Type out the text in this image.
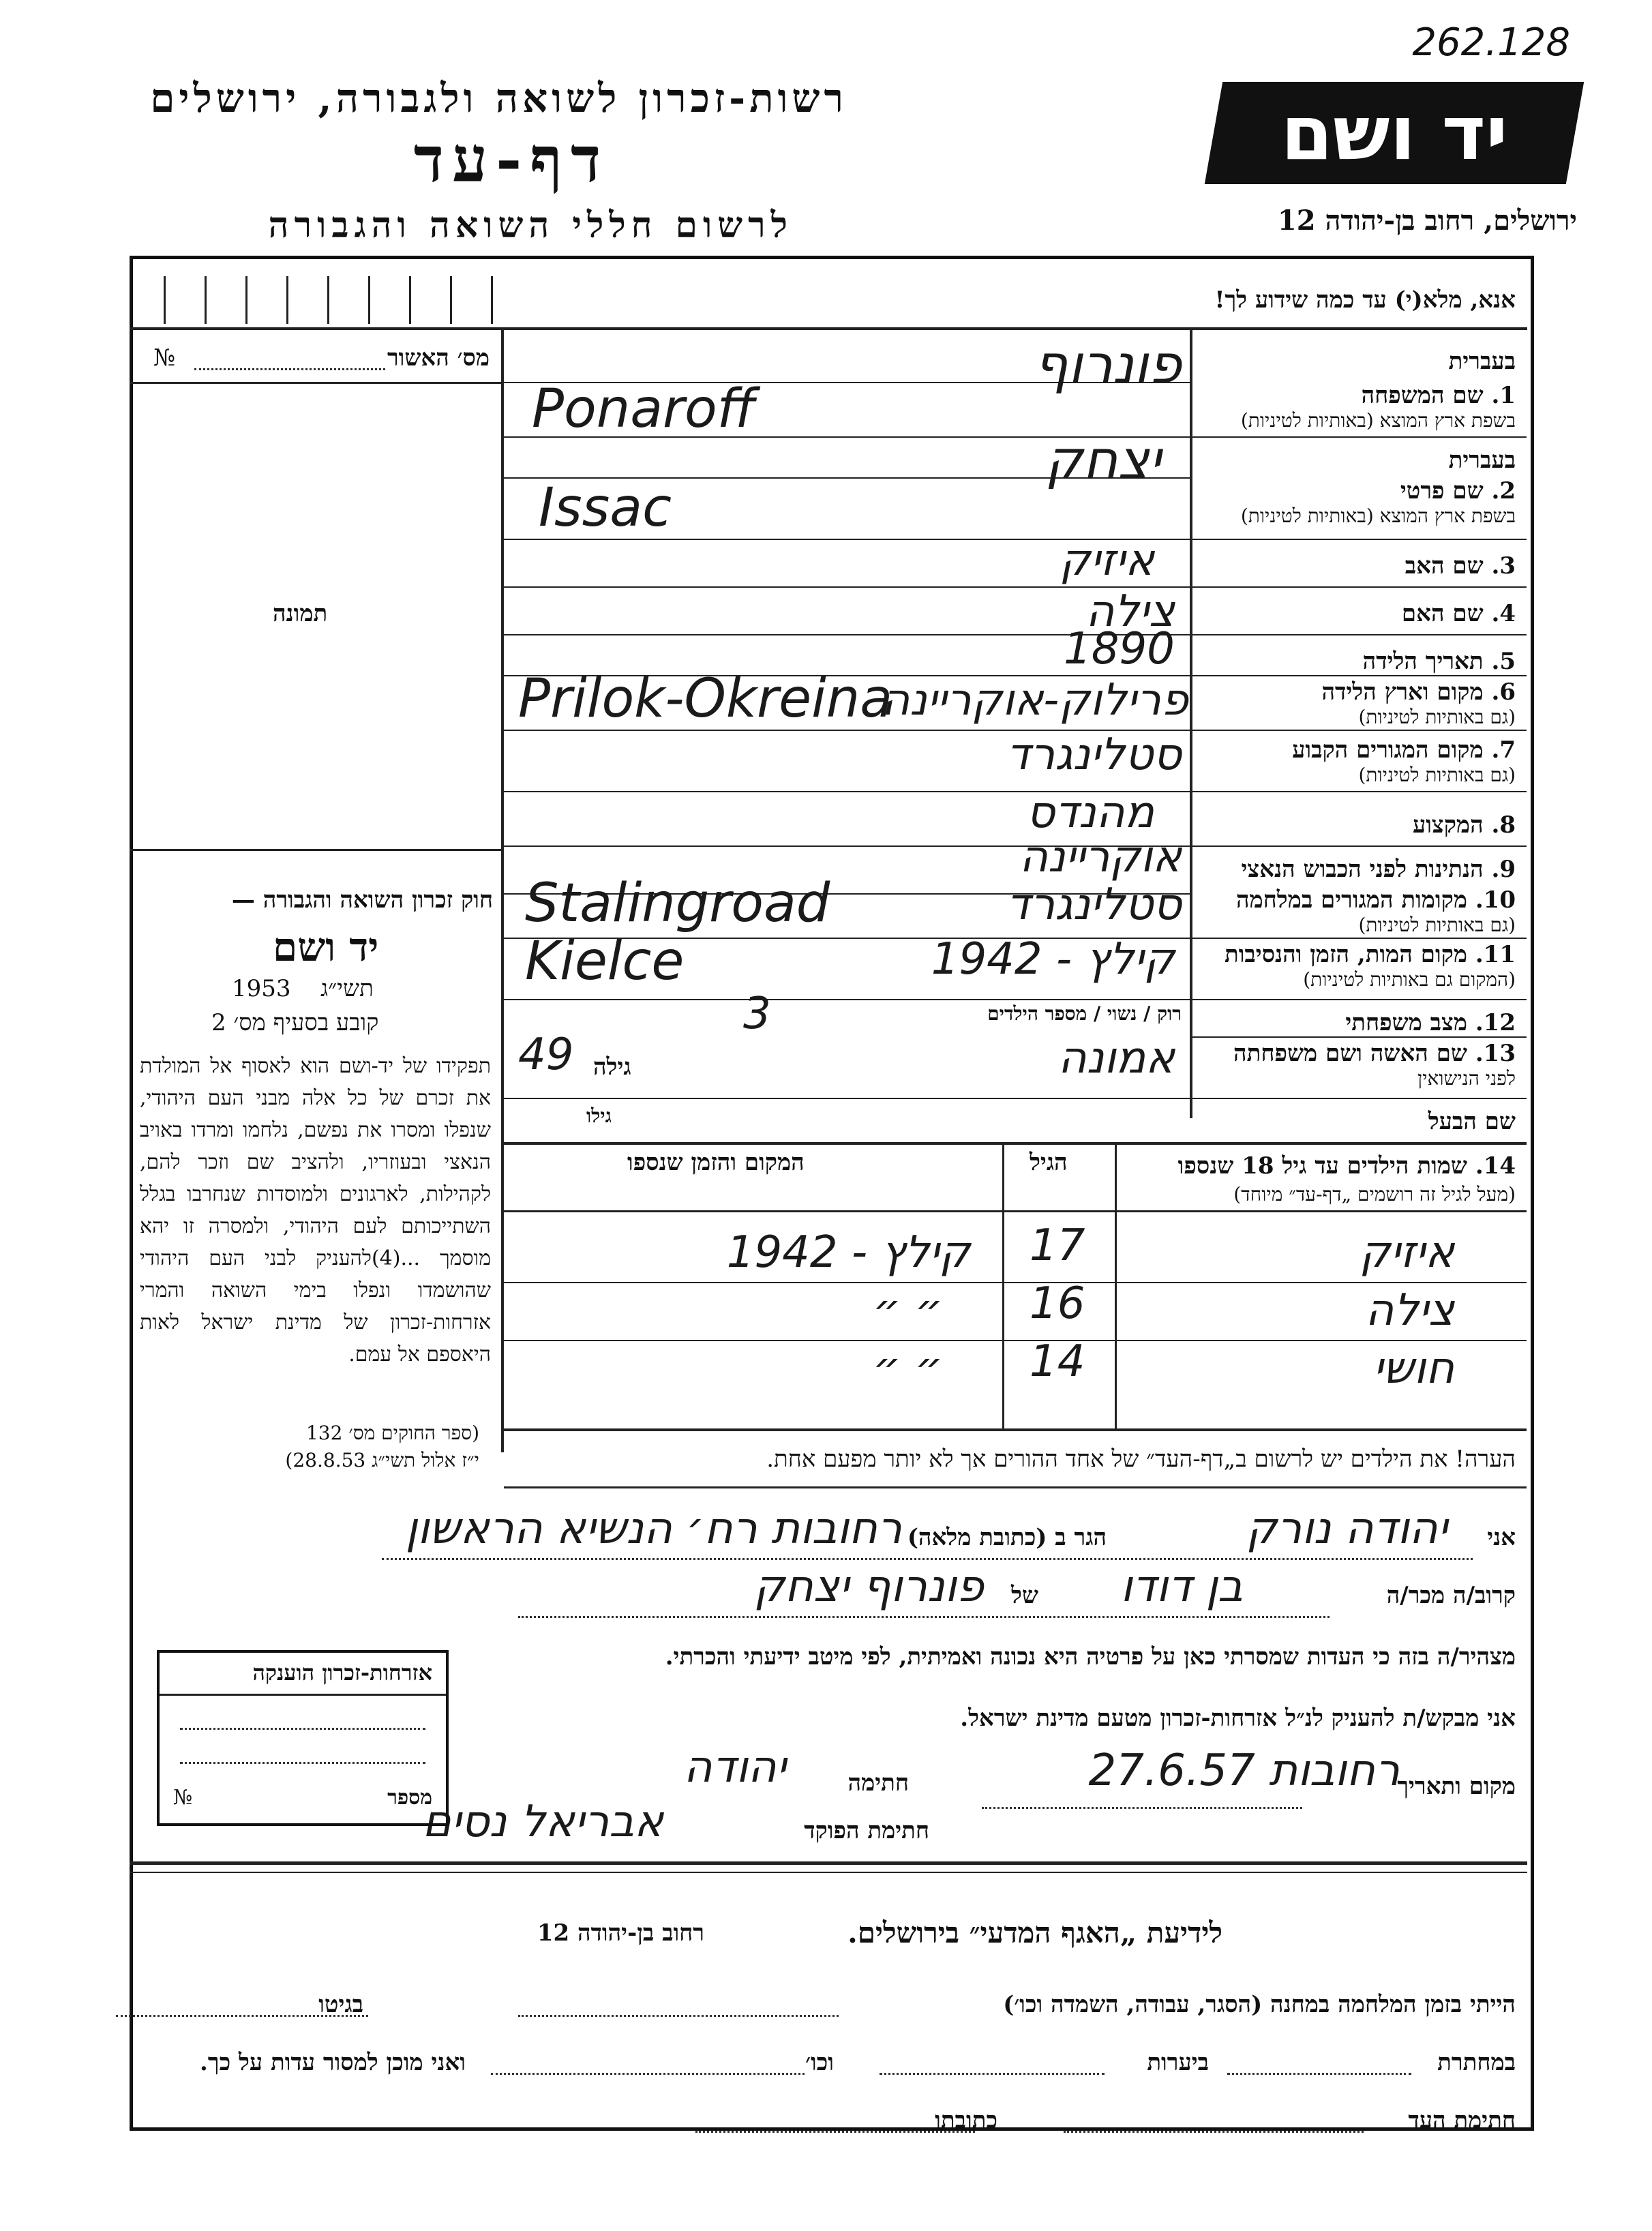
262.128
רשות-זכרון לשואה ולגבורה, ירושלים
דף-עד
לרשום חללי השואה והגבורה
יד ושם
ירושלים, רחוב בן-יהודה 12
אנא, מלא(י) עד כמה שידוע לך!
מס׳ האשור
№
תמונה
חוק זכרון השואה והגבורה —
יד ושם
1953 תשי״ג
קובע בסעיף מס׳ 2
תפקידו של יד-ושם הוא לאסוף אל המולדת את זכרם של כל אלה מבני העם היהודי, שנפלו ומסרו את נפשם, נלחמו ומרדו באויב הנאצי ובעוזריו, ולהציב שם וזכר להם, לקהילות, לארגונים ולמוסדות שנחרבו בגלל השתייכותם לעם היהודי, ולמסרה זו יהא מוסמך ...(4)להעניק לבני העם היהודי שהושמדו ונפלו בימי השואה והמרי אזרחות-זכרון של מדינת ישראל לאות היאספם אל עמם.
(ספר החוקים מס׳ 132
י״ז אלול תשי״ג 28.8.53)
בעברית
1. שם המשפחה
בשפת ארץ המוצא (באותיות לטיניות)
בעברית
2. שם פרטי
בשפת ארץ המוצא (באותיות לטיניות)
3. שם האב
4. שם האם
5. תאריך הלידה
6. מקום וארץ הלידה
(גם באותיות לטיניות)
7. מקום המגורים הקבוע
(גם באותיות לטיניות)
8. המקצוע
9. הנתינות לפני הכבוש הנאצי
10. מקומות המגורים במלחמה
(גם באותיות לטיניות)
11. מקום המות, הזמן והנסיבות
(המקום גם באותיות לטיניות)
12. מצב משפחתי
13. שם האשה ושם משפחתה
לפני הנישואין
שם הבעל
פונרוף
Ponaroff
יצחק
Issac
איזיק
צילה
1890
פרילוק-אוקריינה
Prilok-Okreina
סטלינגרד
מהנדס
אוקריינה
סטלינגרד
Stalingroad
קילץ - 1942
Kielce
רוק / נשוי / מספר הילדים
3
אמונה
גילה
49
גילו
14. שמות הילדים עד גיל 18 שנספו
(מעל לגיל זה רושמים „דף-עד״ מיוחד)
הגיל
המקום והזמן שנספו
איזיק
17
קילץ - 1942
צילה
16
״ ״
חושי
14
״ ״
הערה! את הילדים יש לרשום ב„דף-העד״ של אחד ההורים אך לא יותר מפעם אחת.
אני
יהודה נורק
הגר ב (כתובת מלאה)
רחובות רח׳ הנשיא הראשון
קרוב/ה מכר/ה
בן דודו
של
פונרוף יצחק
מצהיר/ה בזה כי העדות שמסרתי כאן על פרטיה היא נכונה ואמיתית, לפי מיטב ידיעתי והכרתי.
אני מבקש/ת להעניק לנ״ל אזרחות-זכרון מטעם מדינת ישראל.
מקום ותאריך
רחובות 27.6.57
חתימה
יהודה
חתימת הפוקד
אבריאל נסים
אזרחות-זכרון הוענקה
מספר
№
לידיעת „האגף המדעי״ בירושלים.
רחוב בן-יהודה 12
הייתי בזמן המלחמה במחנה (הסגר, עבודה, השמדה וכו׳)
בגיטו
במחתרת
ביערות
וכו׳
ואני מוכן למסור עדות על כך.
חתימת העד
כתובתו
